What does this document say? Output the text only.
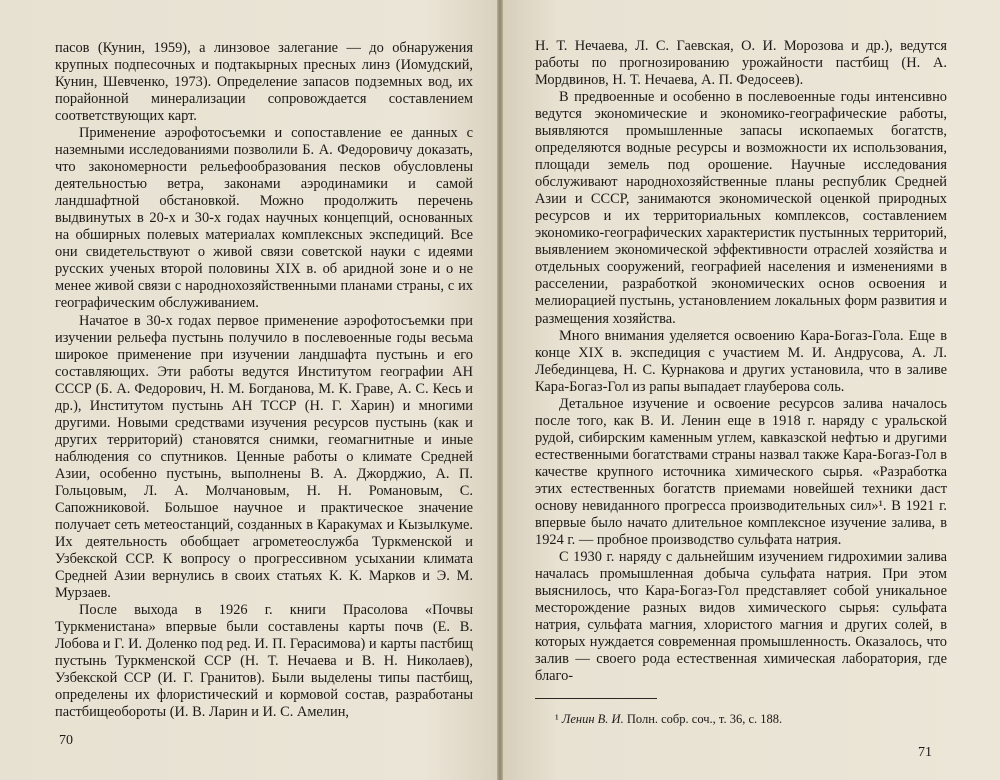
пасов (Кунин, 1959), а линзовое залегание — до обнаружения крупных подпесочных и подтакырных пресных линз (Иомудский, Кунин, Шевченко, 1973). Определение запасов подземных вод, их порайонной минерализации сопровождается составлением соответствующих карт.

Применение аэрофотосъемки и сопоставление ее данных с наземными исследованиями позволили Б. А. Федоровичу доказать, что закономерности рельефообразования песков обусловлены деятельностью ветра, законами аэродинамики и самой ландшафтной обстановкой. Можно продолжить перечень выдвинутых в 20-х и 30-х годах научных концепций, основанных на обширных полевых материалах комплексных экспедиций. Все они свидетельствуют о живой связи советской науки с идеями русских ученых второй половины XIX в. об аридной зоне и о не менее живой связи с народнохозяйственными планами страны, с их географическим обслуживанием.

Начатое в 30-х годах первое применение аэрофотосъемки при изучении рельефа пустынь получило в послевоенные годы весьма широкое применение при изучении ландшафта пустынь и его составляющих. Эти работы ведутся Институтом географии АН СССР (Б. А. Федорович, Н. М. Богданова, М. К. Граве, А. С. Кесь и др.), Институтом пустынь АН ТССР (Н. Г. Харин) и многими другими. Новыми средствами изучения ресурсов пустынь (как и других территорий) становятся снимки, геомагнитные и иные наблюдения со спутников. Ценные работы о климате Средней Азии, особенно пустынь, выполнены В. А. Джорджио, А. П. Гольцовым, Л. А. Молчановым, Н. Н. Романовым, С. Сапожниковой. Большое научное и практическое значение получает сеть метеостанций, созданных в Каракумах и Кызылкуме. Их деятельность обобщает агрометеослужба Туркменской и Узбекской ССР. К вопросу о прогрессивном усыхании климата Средней Азии вернулись в своих статьях К. К. Марков и Э. М. Мурзаев.

После выхода в 1926 г. книги Прасолова «Почвы Туркменистана» впервые были составлены карты почв (Е. В. Лобова и Г. И. Доленко под ред. И. П. Герасимова) и карты пастбищ пустынь Туркменской ССР (Н. Т. Нечаева и В. Н. Николаев), Узбекской ССР (И. Г. Гранитов). Были выделены типы пастбищ, определены их флористический и кормовой состав, разработаны пастбищеобороты (И. В. Ларин и И. С. Амелин,

70

Н. Т. Нечаева, Л. С. Гаевская, О. И. Морозова и др.), ведутся работы по прогнозированию урожайности пастбищ (Н. А. Мордвинов, Н. Т. Нечаева, А. П. Федосеев).

В предвоенные и особенно в послевоенные годы интенсивно ведутся экономические и экономико-географические работы, выявляются промышленные запасы ископаемых богатств, определяются водные ресурсы и возможности их использования, площади земель под орошение. Научные исследования обслуживают народнохозяйственные планы республик Средней Азии и СССР, занимаются экономической оценкой природных ресурсов и их территориальных комплексов, составлением экономико-географических характеристик пустынных территорий, выявлением экономической эффективности отраслей хозяйства и отдельных сооружений, географией населения и изменениями в расселении, разработкой экономических основ освоения и мелиорацией пустынь, установлением локальных форм развития и размещения хозяйства.

Много внимания уделяется освоению Кара-Богаз-Гола. Еще в конце XIX в. экспедиция с участием М. И. Андрусова, А. Л. Лебединцева, Н. С. Курнакова и других установила, что в заливе Кара-Богаз-Гол из рапы выпадает глауберова соль.

Детальное изучение и освоение ресурсов залива началось после того, как В. И. Ленин еще в 1918 г. наряду с уральской рудой, сибирским каменным углем, кавказской нефтью и другими естественными богатствами страны назвал также Кара-Богаз-Гол в качестве крупного источника химического сырья. «Разработка этих естественных богатств приемами новейшей техники даст основу невиданного прогресса производительных сил»¹. В 1921 г. впервые было начато длительное комплексное изучение залива, в 1924 г. — пробное производство сульфата натрия.

С 1930 г. наряду с дальнейшим изучением гидрохимии залива началась промышленная добыча сульфата натрия. При этом выяснилось, что Кара-Богаз-Гол представляет собой уникальное месторождение разных видов химического сырья: сульфата натрия, сульфата магния, хлористого магния и других солей, в которых нуждается современная промышленность. Оказалось, что залив — своего рода естественная химическая лаборатория, где благо-

¹ Ленин В. И. Полн. собр. соч., т. 36, с. 188.
71
